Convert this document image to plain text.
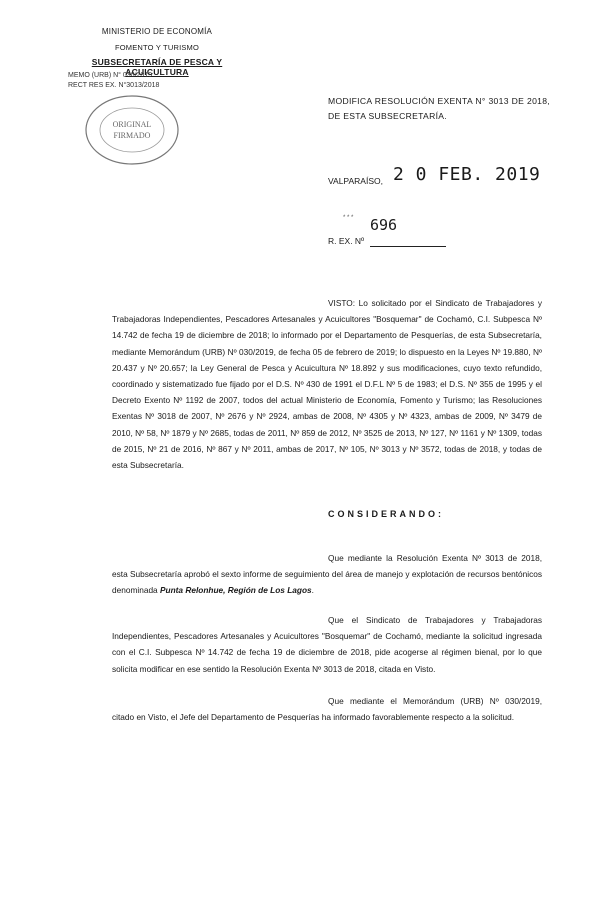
MINISTERIO DE ECONOMÍA
FOMENTO Y TURISMO
SUBSECRETARÍA DE PESCA Y ACUICULTURA
MEMO (URB) N° 030/2019
RECT RES EX. N°3013/2018
ORIGINAL
FIRMADO
MODIFICA RESOLUCIÓN EXENTA N° 3013 DE 2018, DE ESTA SUBSECRETARÍA.
VALPARAÍSO, 2 0 FEB. 2019
* * * 696
R. EX. Nº
VISTO: Lo solicitado por el Sindicato de Trabajadores y Trabajadoras Independientes, Pescadores Artesanales y Acuicultores "Bosquemar" de Cochamó, C.I. Subpesca Nº 14.742 de fecha 19 de diciembre de 2018; lo informado por el Departamento de Pesquerías, de esta Subsecretaría, mediante Memorándum (URB) Nº 030/2019, de fecha 05 de febrero de 2019; lo dispuesto en la Leyes Nº 19.880, Nº 20.437 y Nº 20.657; la Ley General de Pesca y Acuicultura Nº 18.892 y sus modificaciones, cuyo texto refundido, coordinado y sistematizado fue fijado por el D.S. Nº 430 de 1991 el D.F.L Nº 5 de 1983; el D.S. Nº 355 de 1995 y el Decreto Exento Nº 1192 de 2007, todos del actual Ministerio de Economía, Fomento y Turismo; las Resoluciones Exentas Nº 3018 de 2007, Nº 2676 y Nº 2924, ambas de 2008, Nº 4305 y Nº 4323, ambas de 2009, Nº 3479 de 2010, Nº 58, Nº 1879 y Nº 2685, todas de 2011, Nº 859 de 2012, Nº 3525 de 2013, Nº 127, Nº 1161 y Nº 1309, todas de 2015, Nº 21 de 2016, Nº 867 y Nº 2011, ambas de 2017, Nº 105, Nº 3013 y Nº 3572, todas de 2018, y todas de esta Subsecretaría.
CONSIDERANDO:
Que mediante la Resolución Exenta Nº 3013 de 2018, esta Subsecretaría aprobó el sexto informe de seguimiento del área de manejo y explotación de recursos bentónicos denominada Punta Relonhue, Región de Los Lagos.
Que el Sindicato de Trabajadores y Trabajadoras Independientes, Pescadores Artesanales y Acuicultores "Bosquemar" de Cochamó, mediante la solicitud ingresada con el C.I. Subpesca Nº 14.742 de fecha 19 de diciembre de 2018, pide acogerse al régimen bienal, por lo que solicita modificar en ese sentido la Resolución Exenta Nº 3013 de 2018, citada en Visto.
Que mediante el Memorándum (URB) Nº 030/2019, citado en Visto, el Jefe del Departamento de Pesquerías ha informado favorablemente respecto a la solicitud.
